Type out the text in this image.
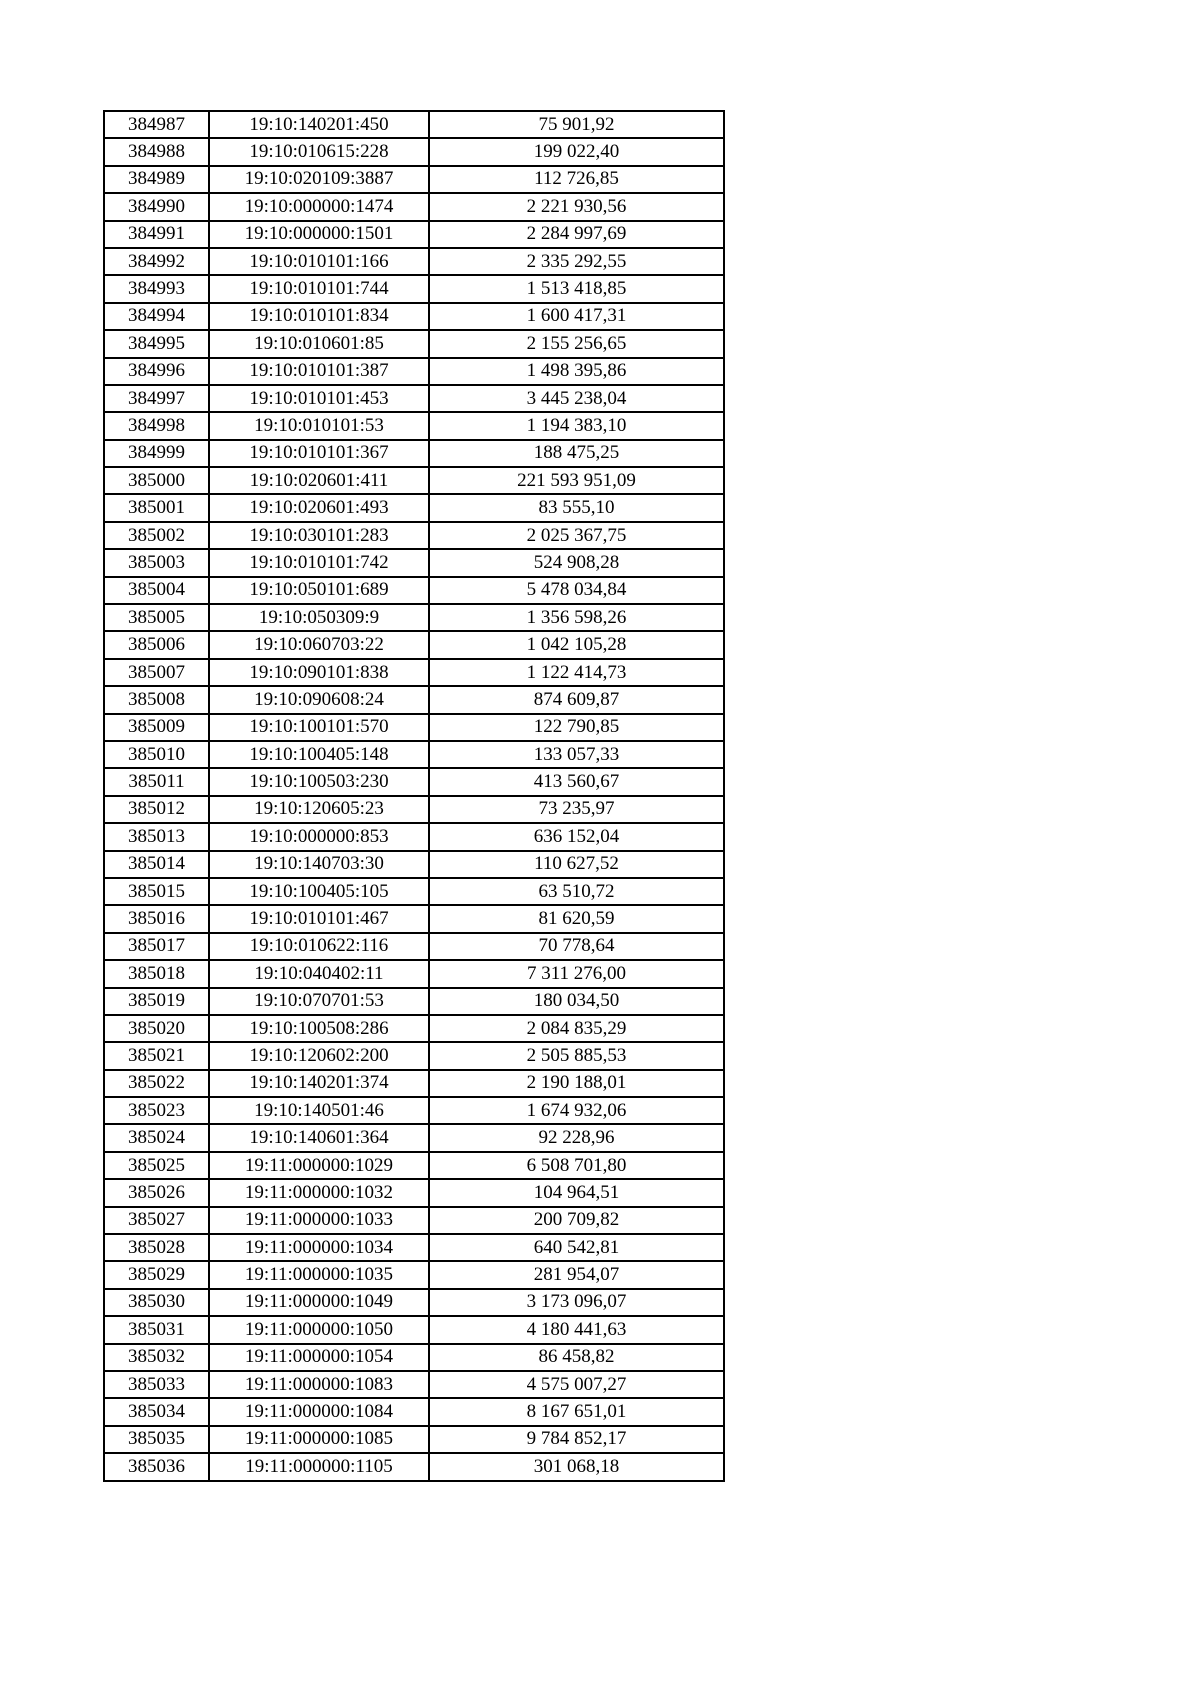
384987	19:10:140201:450	75 901,92
384988	19:10:010615:228	199 022,40
384989	19:10:020109:3887	112 726,85
384990	19:10:000000:1474	2 221 930,56
384991	19:10:000000:1501	2 284 997,69
384992	19:10:010101:166	2 335 292,55
384993	19:10:010101:744	1 513 418,85
384994	19:10:010101:834	1 600 417,31
384995	19:10:010601:85	2 155 256,65
384996	19:10:010101:387	1 498 395,86
384997	19:10:010101:453	3 445 238,04
384998	19:10:010101:53	1 194 383,10
384999	19:10:010101:367	188 475,25
385000	19:10:020601:411	221 593 951,09
385001	19:10:020601:493	83 555,10
385002	19:10:030101:283	2 025 367,75
385003	19:10:010101:742	524 908,28
385004	19:10:050101:689	5 478 034,84
385005	19:10:050309:9	1 356 598,26
385006	19:10:060703:22	1 042 105,28
385007	19:10:090101:838	1 122 414,73
385008	19:10:090608:24	874 609,87
385009	19:10:100101:570	122 790,85
385010	19:10:100405:148	133 057,33
385011	19:10:100503:230	413 560,67
385012	19:10:120605:23	73 235,97
385013	19:10:000000:853	636 152,04
385014	19:10:140703:30	110 627,52
385015	19:10:100405:105	63 510,72
385016	19:10:010101:467	81 620,59
385017	19:10:010622:116	70 778,64
385018	19:10:040402:11	7 311 276,00
385019	19:10:070701:53	180 034,50
385020	19:10:100508:286	2 084 835,29
385021	19:10:120602:200	2 505 885,53
385022	19:10:140201:374	2 190 188,01
385023	19:10:140501:46	1 674 932,06
385024	19:10:140601:364	92 228,96
385025	19:11:000000:1029	6 508 701,80
385026	19:11:000000:1032	104 964,51
385027	19:11:000000:1033	200 709,82
385028	19:11:000000:1034	640 542,81
385029	19:11:000000:1035	281 954,07
385030	19:11:000000:1049	3 173 096,07
385031	19:11:000000:1050	4 180 441,63
385032	19:11:000000:1054	86 458,82
385033	19:11:000000:1083	4 575 007,27
385034	19:11:000000:1084	8 167 651,01
385035	19:11:000000:1085	9 784 852,17
385036	19:11:000000:1105	301 068,18
